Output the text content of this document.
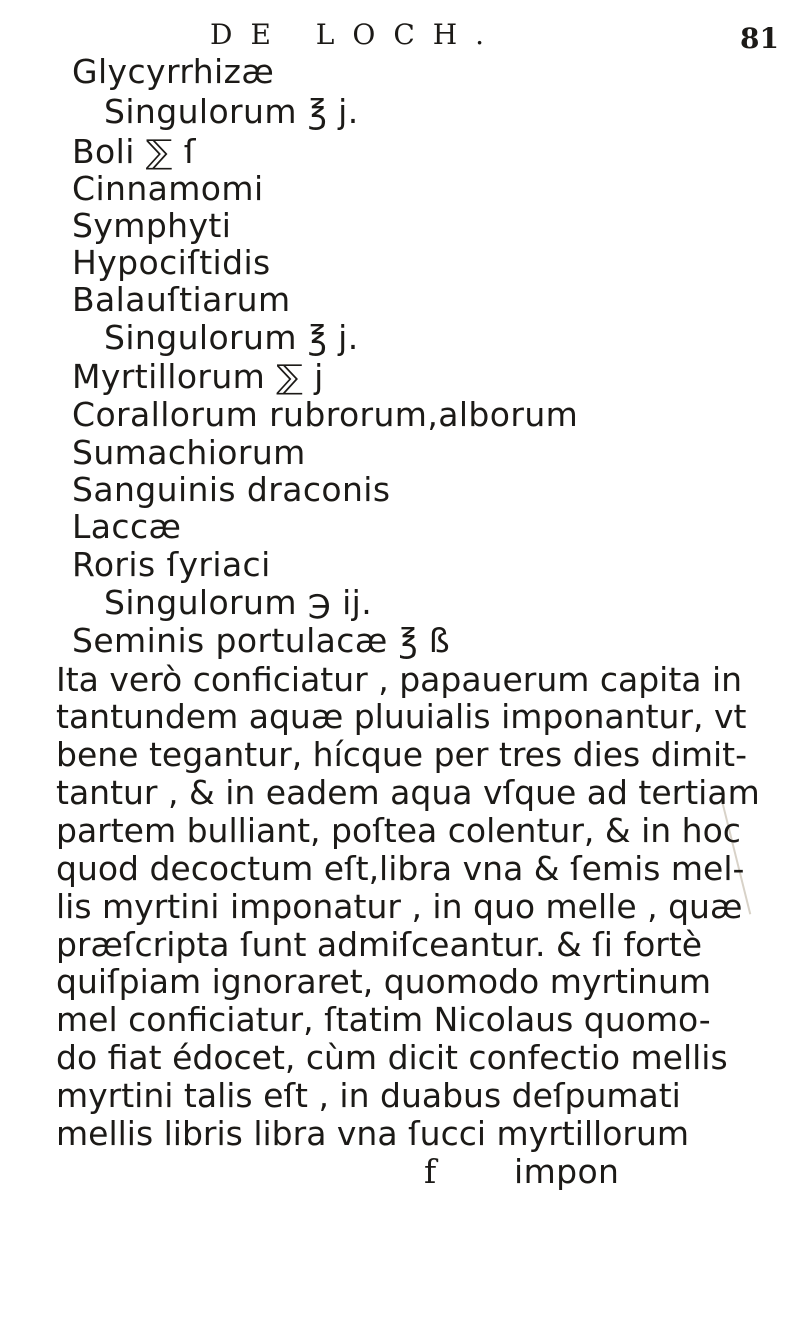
DE LOCH.	81
Glycyrrhizæ
Singulorum ℥ j.
Boli ⅀ ſ
Cinnamomi
Symphyti
Hypociſtidis
Balauſtiarum
Singulorum ℥ j.
Myrtillorum ⅀ j
Corallorum rubrorum,alborum
Sumachiorum
Sanguinis draconis
Laccæ
Roris ſyriaci
Singulorum ℈ ij.
Seminis portulacæ ℥ ß
Ita verò conficiatur , papauerum capita in
tantundem aquæ pluuialis imponantur, vt
bene tegantur, hícque per tres dies dimit-
tantur , & in eadem aqua vſque ad tertiam
partem bulliant, poſtea colentur, & in hoc
quod decoctum eſt,libra vna & ſemis mel-
lis myrtini imponatur , in quo melle , quæ
præſcripta ſunt admiſceantur. & ſi fortè
quiſpiam ignoraret, quomodo myrtinum
mel conficiatur, ſtatim Nicolaus quomo-
do fiat édocet, cùm dicit confectio mellis
myrtini talis eſt , in duabus deſpumati
mellis libris libra vna ſucci myrtillorum
f impon
